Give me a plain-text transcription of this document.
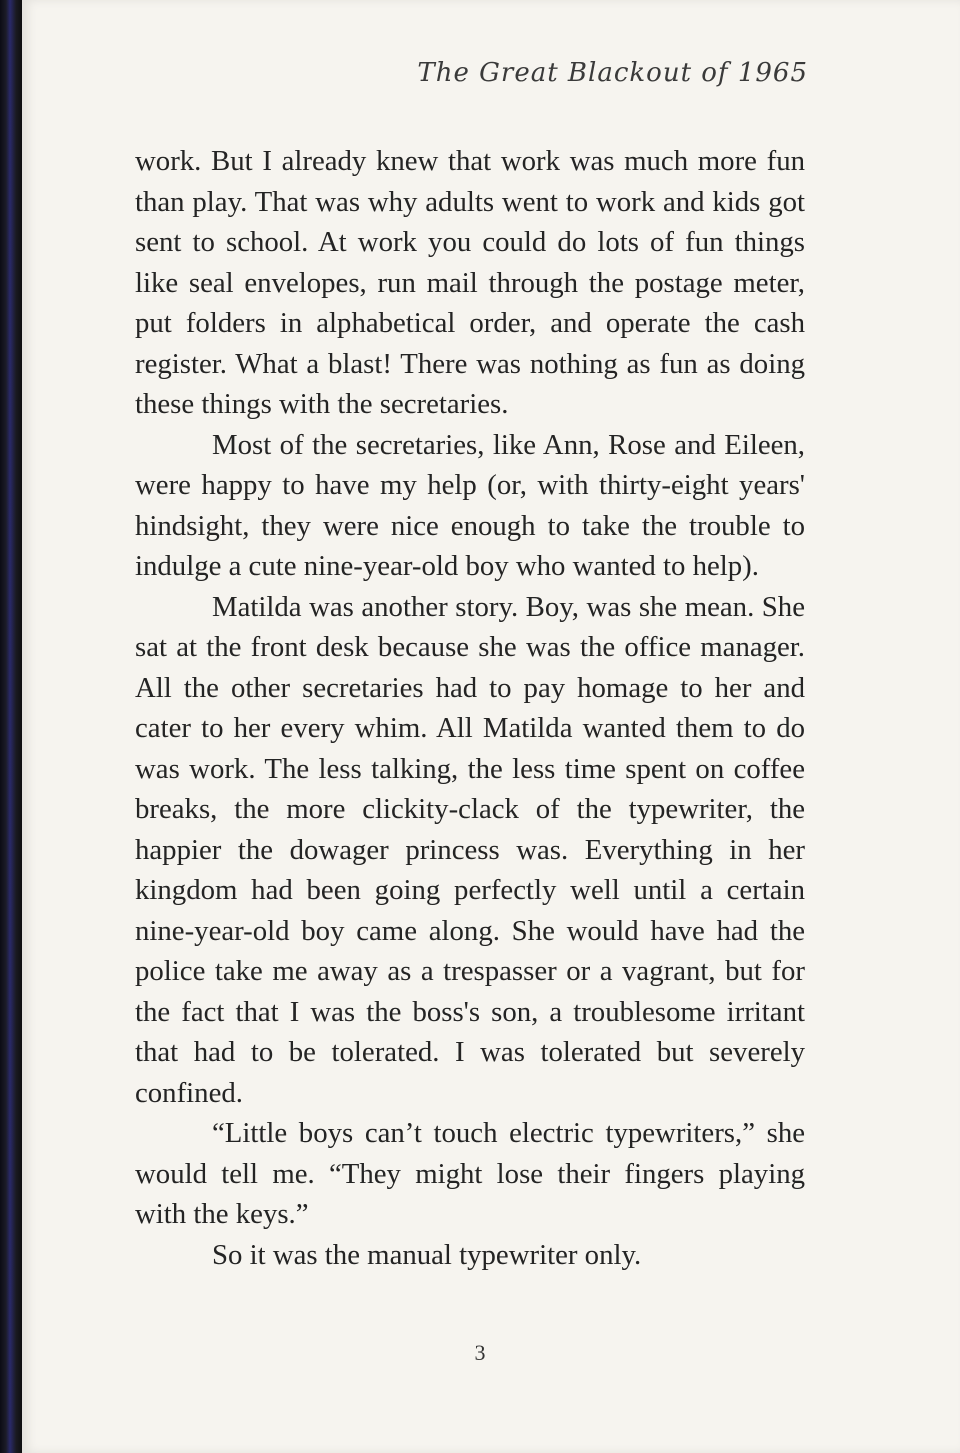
The Great Blackout of 1965

work. But I already knew that work was much more fun than play. That was why adults went to work and kids got sent to school. At work you could do lots of fun things like seal envelopes, run mail through the postage meter, put folders in alphabetical order, and operate the cash register. What a blast! There was nothing as fun as doing these things with the secretaries.

Most of the secretaries, like Ann, Rose and Eileen, were happy to have my help (or, with thirty-eight years' hindsight, they were nice enough to take the trouble to indulge a cute nine-year-old boy who wanted to help).

Matilda was another story. Boy, was she mean. She sat at the front desk because she was the office manager. All the other secretaries had to pay homage to her and cater to her every whim. All Matilda wanted them to do was work. The less talking, the less time spent on coffee breaks, the more clickity-clack of the typewriter, the happier the dowager princess was. Everything in her kingdom had been going perfectly well until a certain nine-year-old boy came along. She would have had the police take me away as a trespasser or a vagrant, but for the fact that I was the boss's son, a troublesome irritant that had to be tolerated. I was tolerated but severely confined.

“Little boys can’t touch electric typewriters,” she would tell me. “They might lose their fingers playing with the keys.”

So it was the manual typewriter only.

3
